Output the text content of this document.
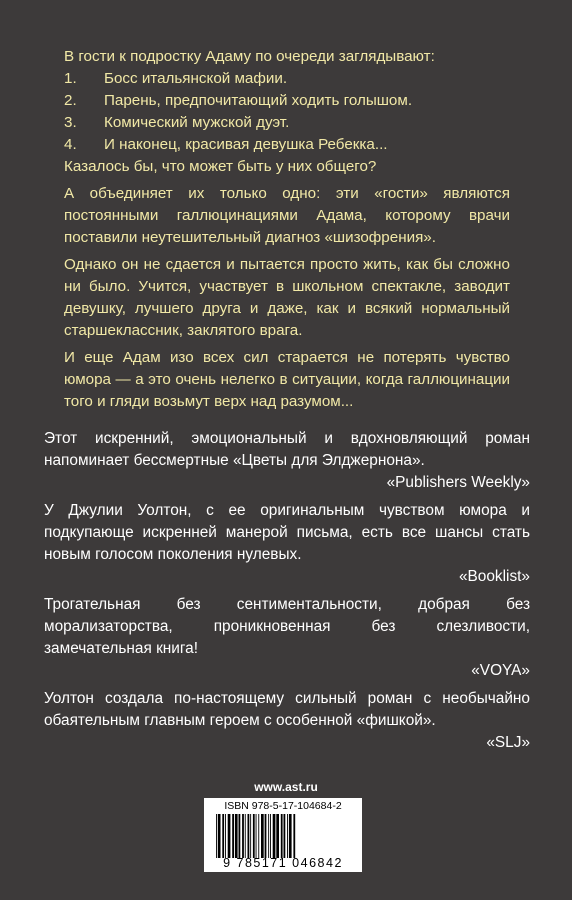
В гости к подростку Адаму по очереди заглядывают:

1.	Босс итальянской мафии.
2.	Парень, предпочитающий ходить голышом.
3.	Комический мужской дуэт.
4.	И наконец, красивая девушка Ребекка...

Казалось бы, что может быть у них общего?

А объединяет их только одно: эти «гости» являются постоянными галлюцинациями Адама, которому врачи поставили неутешительный диагноз «шизофрения».

Однако он не сдается и пытается просто жить, как бы сложно ни было. Учится, участвует в школьном спектакле, заводит девушку, лучшего друга и даже, как и всякий нормальный старшеклассник, заклятого врага.

И еще Адам изо всех сил старается не потерять чувство юмора — а это очень нелегко в ситуации, когда галлюцинации того и гляди возьмут верх над разумом...

Этот искренний, эмоциональный и вдохновляющий роман напоминает бессмертные «Цветы для Элджернона».

«Publishers Weekly»

У Джулии Уолтон, с ее оригинальным чувством юмора и подкупающе искренней манерой письма, есть все шансы стать новым голосом поколения нулевых.

«Booklist»

Трогательная без сентиментальности, добрая без морализаторства, проникновенная без слезливости, замечательная книга!

«VOYA»

Уолтон создала по-настоящему сильный роман с необычайно обаятельным главным героем с особенной «фишкой».

«SLJ»

www.ast.ru
ISBN 978-5-17-104684-2
9 785171 046842
